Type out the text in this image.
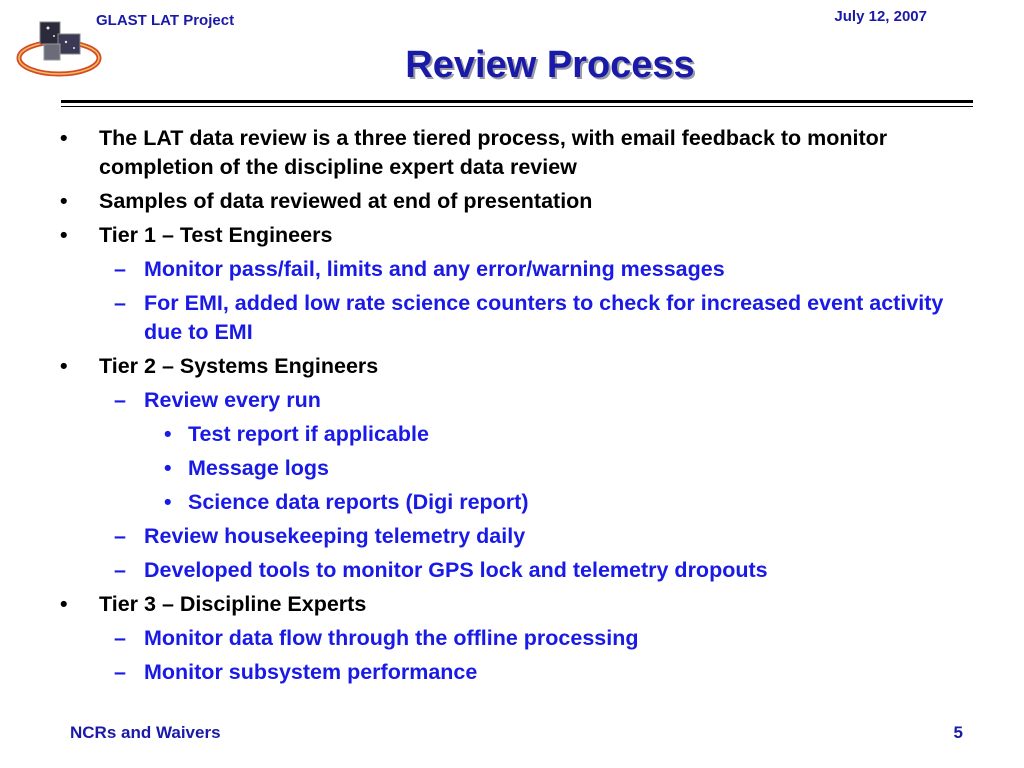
GLAST LAT Project	July 12, 2007
Review Process
• The LAT data review is a three tiered process, with email feedback to monitor completion of the discipline expert data review
• Samples of data reviewed at end of presentation
• Tier 1 – Test Engineers
– Monitor pass/fail, limits and any error/warning messages
– For EMI, added low rate science counters to check for increased event activity due to EMI
• Tier 2 – Systems Engineers
– Review every run
• Test report if applicable
• Message logs
• Science data reports (Digi report)
– Review housekeeping telemetry daily
– Developed tools to monitor GPS lock and telemetry dropouts
• Tier 3 – Discipline Experts
– Monitor data flow through the offline processing
– Monitor subsystem performance
NCRs and Waivers	5
